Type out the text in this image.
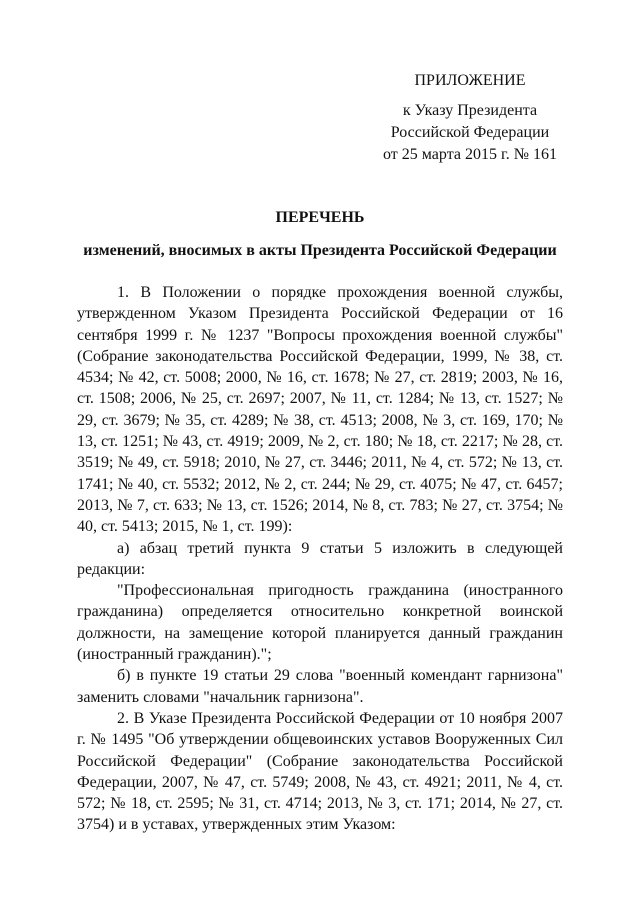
ПРИЛОЖЕНИЕ
к Указу Президента
Российской Федерации
от 25 марта 2015 г. № 161
ПЕРЕЧЕНЬ
изменений, вносимых в акты Президента Российской Федерации

1. В Положении о порядке прохождения военной службы, утвержденном Указом Президента Российской Федерации от 16 сентября 1999 г. № 1237 "Вопросы прохождения военной службы" (Собрание законодательства Российской Федерации, 1999, № 38, ст. 4534; № 42, ст. 5008; 2000, № 16, ст. 1678; № 27, ст. 2819; 2003, № 16, ст. 1508; 2006, № 25, ст. 2697; 2007, № 11, ст. 1284; № 13, ст. 1527; № 29, ст. 3679; № 35, ст. 4289; № 38, ст. 4513; 2008, № 3, ст. 169, 170; № 13, ст. 1251; № 43, ст. 4919; 2009, № 2, ст. 180; № 18, ст. 2217; № 28, ст. 3519; № 49, ст. 5918; 2010, № 27, ст. 3446; 2011, № 4, ст. 572; № 13, ст. 1741; № 40, ст. 5532; 2012, № 2, ст. 244; № 29, ст. 4075; № 47, ст. 6457; 2013, № 7, ст. 633; № 13, ст. 1526; 2014, № 8, ст. 783; № 27, ст. 3754; № 40, ст. 5413; 2015, № 1, ст. 199):

а) абзац третий пункта 9 статьи 5 изложить в следующей редакции:

"Профессиональная пригодность гражданина (иностранного гражданина) определяется относительно конкретной воинской должности, на замещение которой планируется данный гражданин (иностранный гражданин).";

б) в пункте 19 статьи 29 слова "военный комендант гарнизона" заменить словами "начальник гарнизона".

2. В Указе Президента Российской Федерации от 10 ноября 2007 г. № 1495 "Об утверждении общевоинских уставов Вооруженных Сил Российской Федерации" (Собрание законодательства Российской Федерации, 2007, № 47, ст. 5749; 2008, № 43, ст. 4921; 2011, № 4, ст. 572; № 18, ст. 2595; № 31, ст. 4714; 2013, № 3, ст. 171; 2014, № 27, ст. 3754) и в уставах, утвержденных этим Указом:
